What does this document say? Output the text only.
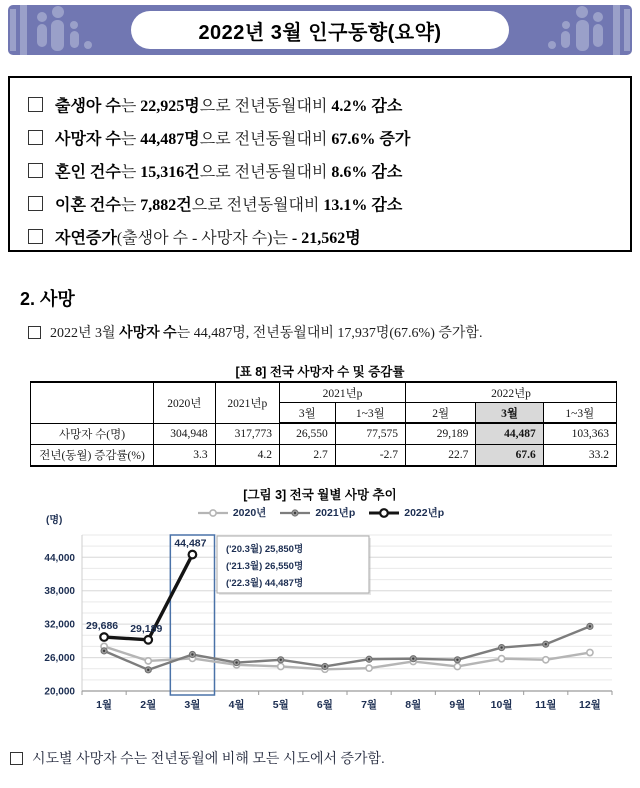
2022년 3월 인구동향(요약)
출생아 수는 22,925명으로 전년동월대비 4.2% 감소
사망자 수는 44,487명으로 전년동월대비 67.6% 증가
혼인 건수는 15,316건으로 전년동월대비 8.6% 감소
이혼 건수는 7,882건으로 전년동월대비 13.1% 감소
자연증가(출생아 수 - 사망자 수)는 - 21,562명
2. 사망

2022년 3월 사망자 수는 44,487명, 전년동월대비 17,937명(67.6%) 증가함.

[표 8] 전국 사망자 수 및 증감률
	2020년	2021년p	2021년p		2022년p		
			3월	1~3월	2월	3월	1~3월
사망자 수(명)	304,948	317,773	26,550	77,575	29,189	44,487	103,363
전년(동월) 증감률(%)	3.3	4.2	2.7	-2.7	22.7	67.6	33.2
[그림 3] 전국 월별 사망 추이
(명)
2020년	2021년p	2022년p
20,000
26,000
32,000
38,000
44,000
1월	2월	3월	4월	5월	6월	7월	8월	9월 10월 11월 12월
('20.3월) 25,850명
('21.3월) 26,550명
('22.3월) 44,487명
29,686 29,189
44,487

시도별 사망자 수는 전년동월에 비해 모든 시도에서 증가함.
